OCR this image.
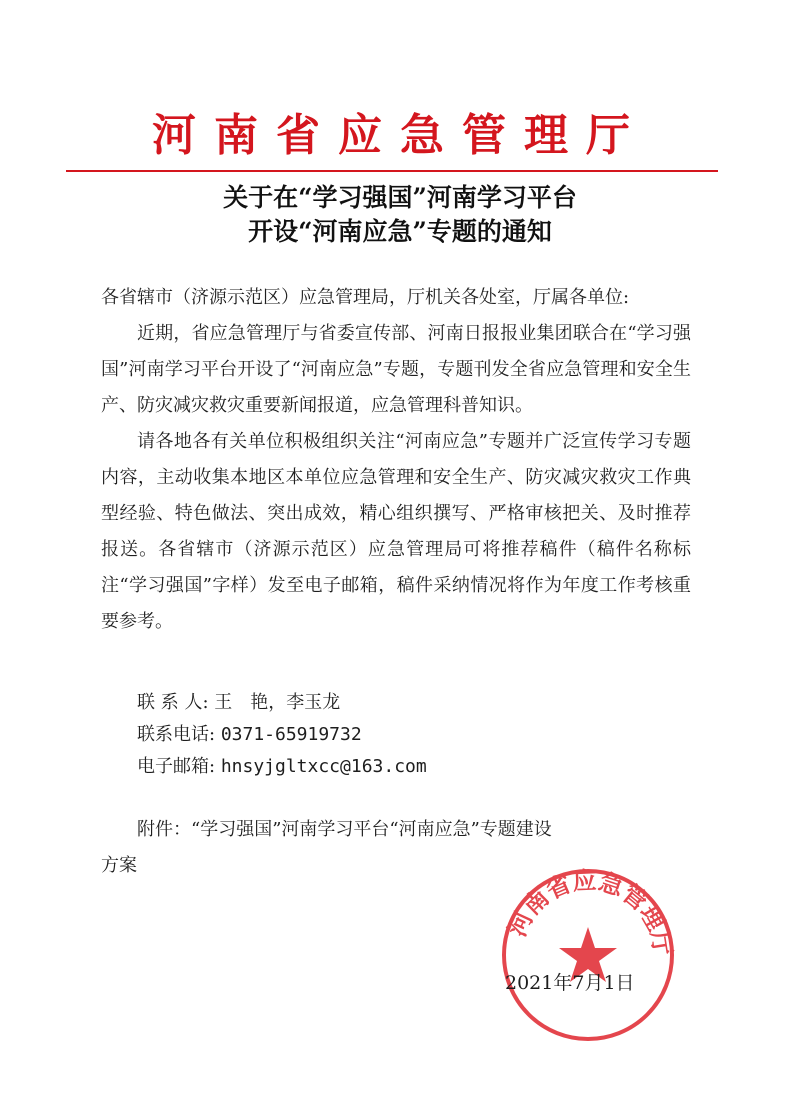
河南省应急管理厅
关于在“学习强国”河南学习平台
开设“河南应急”专题的通知

各省辖市（济源示范区）应急管理局，厅机关各处室，厅属各单位:

近期，省应急管理厅与省委宣传部、河南日报报业集团联合在“学习强国”河南学习平台开设了“河南应急”专题，专题刊发全省应急管理和安全生产、防灾减灾救灾重要新闻报道，应急管理科普知识。

请各地各有关单位积极组织关注“河南应急”专题并广泛宣传学习专题内容，主动收集本地区本单位应急管理和安全生产、防灾减灾救灾工作典型经验、特色做法、突出成效，精心组织撰写、严格审核把关、及时推荐报送。各省辖市（济源示范区）应急管理局可将推荐稿件（稿件名称标注“学习强国”字样）发至电子邮箱，稿件采纳情况将作为年度工作考核重要参考。

联 系 人: 王　艳，李玉龙
联系电话: 0371-65919732
电子邮箱: hnsyjgltxcc@163.com
附件：“学习强国”河南学习平台“河南应急”专题建设
方案
河南省应急管理厅
2021年7月1日
